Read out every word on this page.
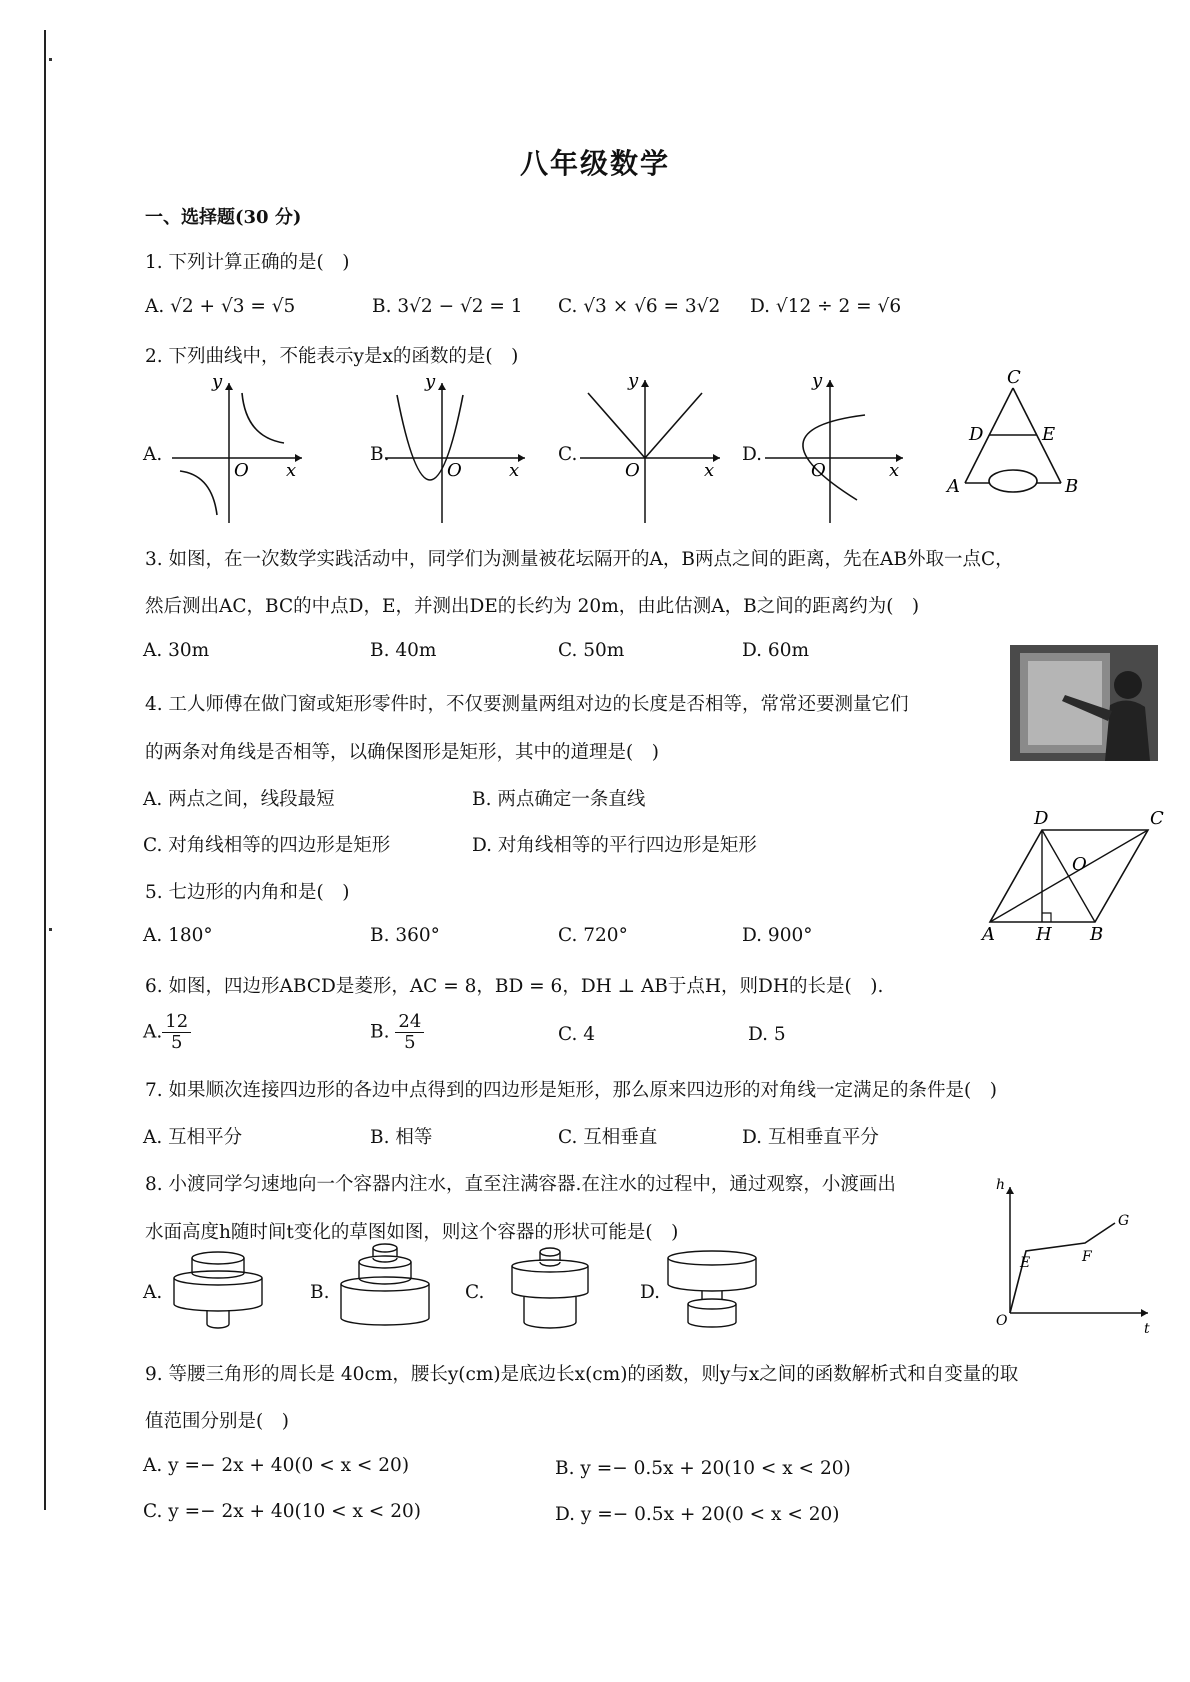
八年级数学
一、选择题(30 分)
1. 下列计算正确的是(　)
A. √2 + √3 = √5	B. 3√2 − √2 = 1 C. √3 × √6 = 3√2 D. √12 ÷ 2 = √6
2. 下列曲线中，不能表示y是x的函数的是(　)
A.	B.	C.	D.
y
O x
y
O	x
y
O	x
y
O	x
C
D	E
A	B
3. 如图，在一次数学实践活动中，同学们为测量被花坛隔开的A，B两点之间的距离，先在AB外取一点C，
然后测出AC，BC的中点D，E，并测出DE的长约为 20m，由此估测A，B之间的距离约为(　)
A. 30m	B. 40m	C. 50m	D. 60m
4. 工人师傅在做门窗或矩形零件时，不仅要测量两组对边的长度是否相等，常常还要测量它们
的两条对角线是否相等，以确保图形是矩形，其中的道理是(　)
A. 两点之间，线段最短	B. 两点确定一条直线
C. 对角线相等的四边形是矩形	D. 对角线相等的平行四边形是矩形
D	C
O
A H B
5. 七边形的内角和是(　)
A. 180°	B. 360°	C. 720°	D. 900°
6. 如图，四边形ABCD是菱形，AC = 8，BD = 6，DH ⊥ AB于点H，则DH的长是(　).
A. $\frac{12}{5}$	B. $\frac{24}{5}$	C. 4	D. 5
7. 如果顺次连接四边形的各边中点得到的四边形是矩形，那么原来四边形的对角线一定满足的条件是(　)
A. 互相平分	B. 相等	C. 互相垂直	D. 互相垂直平分
8. 小渡同学匀速地向一个容器内注水，直至注满容器.在注水的过程中，通过观察，小渡画出
水面高度h随时间t变化的草图如图，则这个容器的形状可能是(　)
h
t
O
E	F
G
A.	B.	C.	D.
9. 等腰三角形的周长是 40cm，腰长y(cm)是底边长x(cm)的函数，则y与x之间的函数解析式和自变量的取
值范围分别是(　)
A. y =− 2x + 40(0 < x < 20)	B. y =− 0.5x + 20(10 < x < 20)
C. y =− 2x + 40(10 < x < 20)	D. y =− 0.5x + 20(0 < x < 20)
